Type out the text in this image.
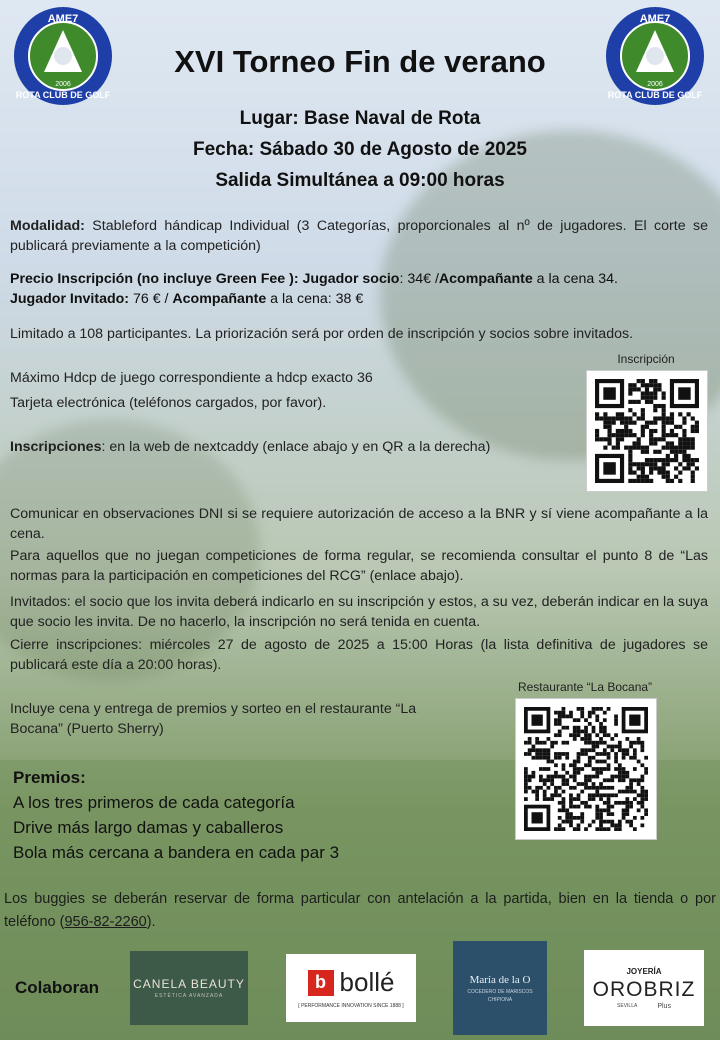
AME7
ROTA CLUB DE GOLF
2006
AME7
ROTA CLUB DE GOLF
2006
XVI Torneo Fin de verano
Lugar: Base Naval de Rota
Fecha: Sábado 30 de Agosto de 2025
Salida Simultánea a 09:00 horas
Modalidad: Stableford hándicap Individual (3 Categorías, proporcionales al nº de jugadores. El corte se publicará previamente a la competición)
Precio Inscripción (no incluye Green Fee ): Jugador socio: 34€ /Acompañante a la cena 34.
Jugador Invitado: 76 € / Acompañante a la cena: 38 €
Limitado a 108 participantes. La priorización será por orden de inscripción y socios sobre invitados.
Máximo Hdcp de juego correspondiente a hdcp exacto 36
Tarjeta electrónica (teléfonos cargados, por favor).
Inscripciones: en la web de nextcaddy (enlace abajo y en QR a la derecha)
Inscripción
Comunicar en observaciones DNI si se requiere autorización de acceso a la BNR y sí viene acompañante a la cena.
Para aquellos que no juegan competiciones de forma regular, se recomienda consultar el punto 8 de “Las normas para la participación en competiciones del RCG” (enlace abajo).
Invitados: el socio que los invita deberá indicarlo en su inscripción y estos, a su vez, deberán indicar en la suya que socio les invita. De no hacerlo, la inscripción no será tenida en cuenta.
Cierre inscripciones: miércoles 27 de agosto de 2025 a 15:00 Horas (la lista definitiva de jugadores se publicará este día a 20:00 horas).
Incluye cena y entrega de premios y sorteo en el restaurante “La Bocana” (Puerto Sherry)
Restaurante “La Bocana”
Premios:
A los tres primeros de cada categoría
Drive más largo damas y caballeros
Bola más cercana a bandera en cada par 3
Los buggies se deberán reservar de forma particular con antelación a la partida, bien en la tienda o por teléfono (956-82-2260).
Colaboran	CANELA BEAUTY
ESTÉTICA AVANZADA
b bollé
[ PERFORMANCE INNOVATION SINCE 1888 ]
María de la O
COCEDERO DE MARISCOS
CHIPIONA
JOYERÍA
OROBRIZ
SEVILLA	Plus
